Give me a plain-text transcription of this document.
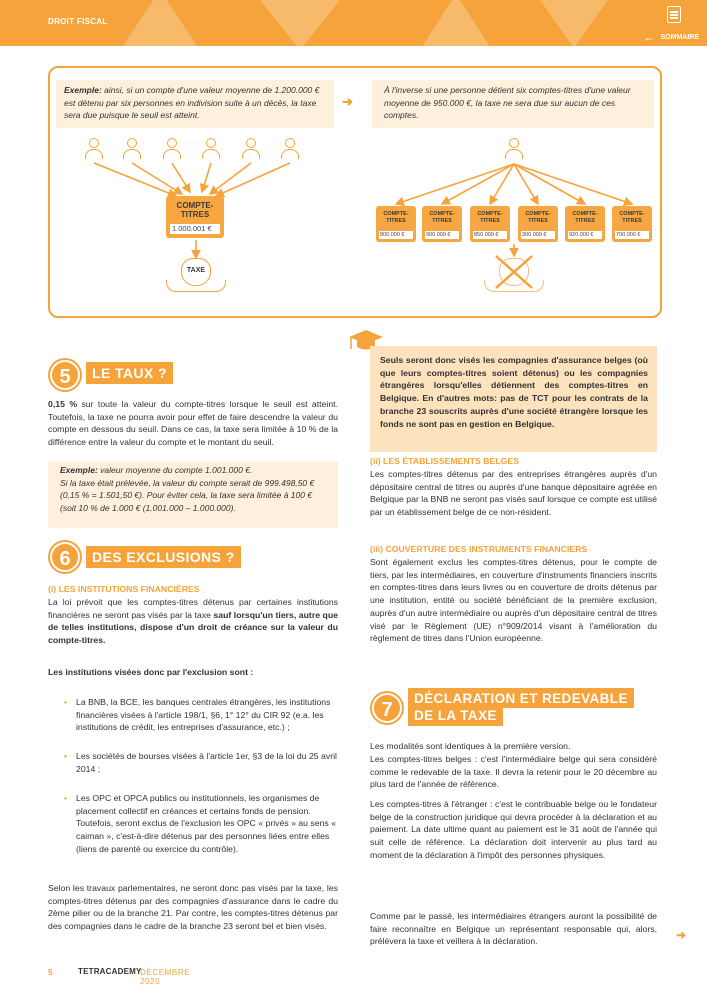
DROIT FISCAL
← →
SOMMAIRE
Exemple: ainsi, si un compte d'une valeur moyenne de 1.200.000 € est détenu par six personnes en indivision suite à un décès, la taxe sera due puisque le seuil est atteint.
➜
À l'inverse si une personne détient six comptes-titres d'une valeur moyenne de 950.000 €, la taxe ne sera due sur aucun de ces comptes.
COMPTE-TITRES
1.000.001 €
TAXE
COMPTE-TITRES
800.000 €
COMPTE-TITRES
900.000 €
COMPTE-TITRES
850.000 €
COMPTE-TITRES
300.000 €
COMPTE-TITRES
920.000 €
COMPTE-TITRES
700.000 €
5	LE TAUX ?
0,15 % sur toute la valeur du compte-titres lorsque le seuil est atteint. Toutefois, la taxe ne pourra avoir pour effet de faire descendre la valeur du compte en dessous du seuil. Dans ce cas, la taxe sera limitée à 10 % de la différence entre la valeur du compte et le montant du seuil.
Exemple: valeur moyenne du compte 1.001.000 €.
Si la taxe était prélevée, la valeur du compte serait de 999.498,50 € (0,15 % = 1.501,50 €). Pour éviter cela, la taxe sera limitée à 100 € (soit 10 % de 1.000 € (1.001.000 – 1.000.000).
6	DES EXCLUSIONS ?
(i) LES INSTITUTIONS FINANCIÈRES
La loi prévoit que les comptes-titres détenus par certaines institutions financières ne seront pas visés par la taxe sauf lorsqu'un tiers, autre que de telles institutions, dispose d'un droit de créance sur la valeur du compte-titres.
Les institutions visées donc par l'exclusion sont :
• La BNB, la BCE, les banques centrales étrangères, les institutions financières visées à l'article 198/1, §6, 1° 12° du CIR 92 (e.a. les institutions de crédit, les entreprises d'assurance, etc.) ;
• Les sociétés de bourses visées à l'article 1er, §3 de la loi du 25 avril 2014 ;
• Les OPC et OPCA publics ou institutionnels, les organismes de placement collectif en créances et certains fonds de pension. Toutefois, seront exclus de l'exclusion les OPC « privés » au sens « caiman », c'est-à-dire détenus par des personnes liées entre elles (liens de parenté ou exercice du contrôle).
Selon les travaux parlementaires, ne seront donc pas visés par la taxe, les comptes-titres détenus par des compagnies d'assurance dans le cadre du 2ème pilier ou de la branche 21. Par contre, les comptes-titres détenus par des compagnies dans le cadre de la branche 23 seront bel et bien visés.
Seuls seront donc visés les compagnies d'assurance belges (où que leurs comptes-titres soient détenus) ou les compagnies étrangères lorsqu'elles détiennent des comptes-titres en Belgique. En d'autres mots: pas de TCT pour les contrats de la branche 23 souscrits auprès d'une société étrangère lorsque les fonds ne sont pas en gestion en Belgique.
(ii) LES ÉTABLISSEMENTS BELGES
Les comptes-titres détenus par des entreprises étrangères auprès d'un dépositaire central de titres ou auprès d'une banque dépositaire agréée en Belgique par la BNB ne seront pas visés sauf lorsque ce compte est utilisé par un établissement belge de ce non-résident.
(iii) COUVERTURE DES INSTRUMENTS FINANCIERS
Sont également exclus les comptes-titres détenus, pour le compte de tiers, par les intermédiaires, en couverture d'instruments financiers inscrits en comptes-titres dans leurs livres ou en couverture de droits détenus par une institution, entité ou société bénéficiant de la première exclusion, auprès d'un autre intermédiaire ou auprès d'un dépositaire central de titres visé par le Règlement (UE) n°909/2014 visant à l'amélioration du règlement de titres dans l'Union européenne.
7
DÉCLARATION ET REDEVABLE
DE LA TAXE
Les modalités sont identiques à la première version.
Les comptes-titres belges : c'est l'intermédiaire belge qui sera considéré comme le redevable de la taxe. Il devra la retenir pour le 20 décembre au plus tard de l'année de référence.
Les comptes-titres à l'étranger : c'est le contribuable belge ou le fondateur belge de la construction juridique qui devra procéder à la déclaration et au paiement. La date ultime quant au paiement est le 31 août de l'année qui suit celle de référence. La déclaration doit intervenir au plus tard au moment de la déclaration à l'impôt des personnes physiques.
Comme par le passé, les intermédiaires étrangers auront la possibilité de faire reconnaître en Belgique un représentant responsable qui, alors, prélèvera la taxe et veillera à la déclaration.	➜
5	TETRACADEMY
DÉCEMBRE 2020
